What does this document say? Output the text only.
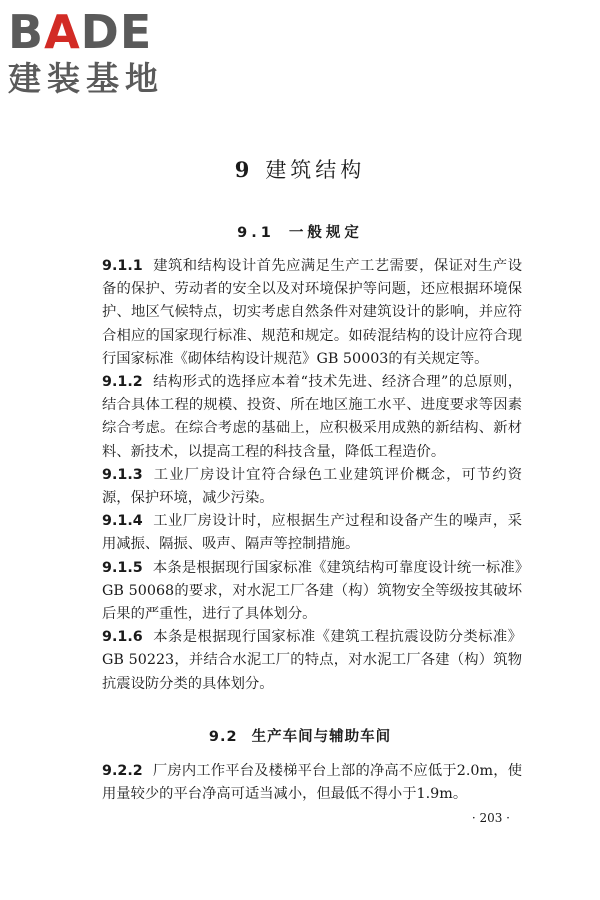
BADE
建装基地
9 建筑结构
9.1 一般规定

9.1.1 建筑和结构设计首先应满足生产工艺需要，保证对生产设备的保护、劳动者的安全以及对环境保护等问题，还应根据环境保护、地区气候特点，切实考虑自然条件对建筑设计的影响，并应符合相应的国家现行标准、规范和规定。如砖混结构的设计应符合现行国家标准《砌体结构设计规范》GB 50003的有关规定等。

9.1.2 结构形式的选择应本着“技术先进、经济合理”的总原则，结合具体工程的规模、投资、所在地区施工水平、进度要求等因素综合考虑。在综合考虑的基础上，应积极采用成熟的新结构、新材料、新技术，以提高工程的科技含量，降低工程造价。

9.1.3 工业厂房设计宜符合绿色工业建筑评价概念，可节约资源，保护环境，减少污染。

9.1.4 工业厂房设计时，应根据生产过程和设备产生的噪声，采用减振、隔振、吸声、隔声等控制措施。

9.1.5 本条是根据现行国家标准《建筑结构可靠度设计统一标准》GB 50068的要求，对水泥工厂各建（构）筑物安全等级按其破坏后果的严重性，进行了具体划分。

9.1.6 本条是根据现行国家标准《建筑工程抗震设防分类标准》GB 50223，并结合水泥工厂的特点，对水泥工厂各建（构）筑物抗震设防分类的具体划分。

9.2 生产车间与辅助车间

9.2.2 厂房内工作平台及楼梯平台上部的净高不应低于2.0m，使用量较少的平台净高可适当减小，但最低不得小于1.9m。

· 203 ·
